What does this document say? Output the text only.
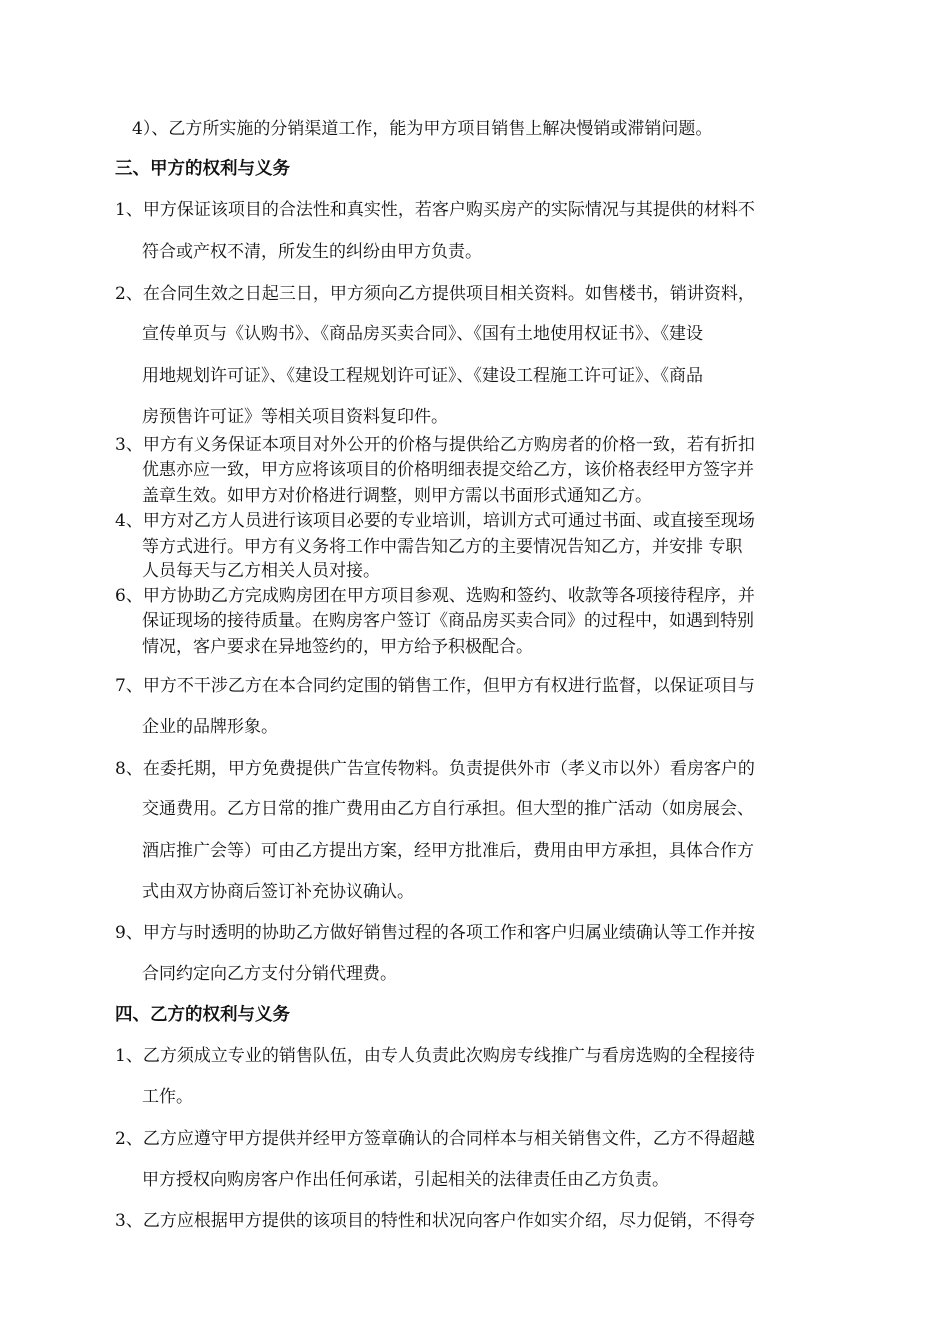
4）、乙方所实施的分销渠道工作，能为甲方项目销售上解决慢销或滞销问题。
三、甲方的权利与义务
1、甲方保证该项目的合法性和真实性，若客户购买房产的实际情况与其提供的材料不
符合或产权不清，所发生的纠纷由甲方负责。
2、在合同生效之日起三日，甲方须向乙方提供项目相关资料。如售楼书，销讲资料，
宣传单页与《认购书》、《商品房买卖合同》、《国有土地使用权证书》、《建设
用地规划许可证》、《建设工程规划许可证》、《建设工程施工许可证》、《商品
房预售许可证》等相关项目资料复印件。
3、甲方有义务保证本项目对外公开的价格与提供给乙方购房者的价格一致，若有折扣
优惠亦应一致，甲方应将该项目的价格明细表提交给乙方，该价格表经甲方签字并
盖章生效。如甲方对价格进行调整，则甲方需以书面形式通知乙方。
4、甲方对乙方人员进行该项目必要的专业培训，培训方式可通过书面、或直接至现场
等方式进行。甲方有义务将工作中需告知乙方的主要情况告知乙方，并安排 专职
人员每天与乙方相关人员对接。
6、甲方协助乙方完成购房团在甲方项目参观、选购和签约、收款等各项接待程序，并
保证现场的接待质量。在购房客户签订《商品房买卖合同》的过程中，如遇到特别
情况，客户要求在异地签约的，甲方给予积极配合。
7、甲方不干涉乙方在本合同约定围的销售工作，但甲方有权进行监督，以保证项目与
企业的品牌形象。
8、在委托期，甲方免费提供广告宣传物料。负责提供外市（孝义市以外）看房客户的
交通费用。乙方日常的推广费用由乙方自行承担。但大型的推广活动（如房展会、
酒店推广会等）可由乙方提出方案，经甲方批准后，费用由甲方承担，具体合作方
式由双方协商后签订补充协议确认。
9、甲方与时透明的协助乙方做好销售过程的各项工作和客户归属业绩确认等工作并按
合同约定向乙方支付分销代理费。
四、乙方的权利与义务
1、乙方须成立专业的销售队伍，由专人负责此次购房专线推广与看房选购的全程接待
工作。
2、乙方应遵守甲方提供并经甲方签章确认的合同样本与相关销售文件，乙方不得超越
甲方授权向购房客户作出任何承诺，引起相关的法律责任由乙方负责。
3、乙方应根据甲方提供的该项目的特性和状况向客户作如实介绍，尽力促销，不得夸
